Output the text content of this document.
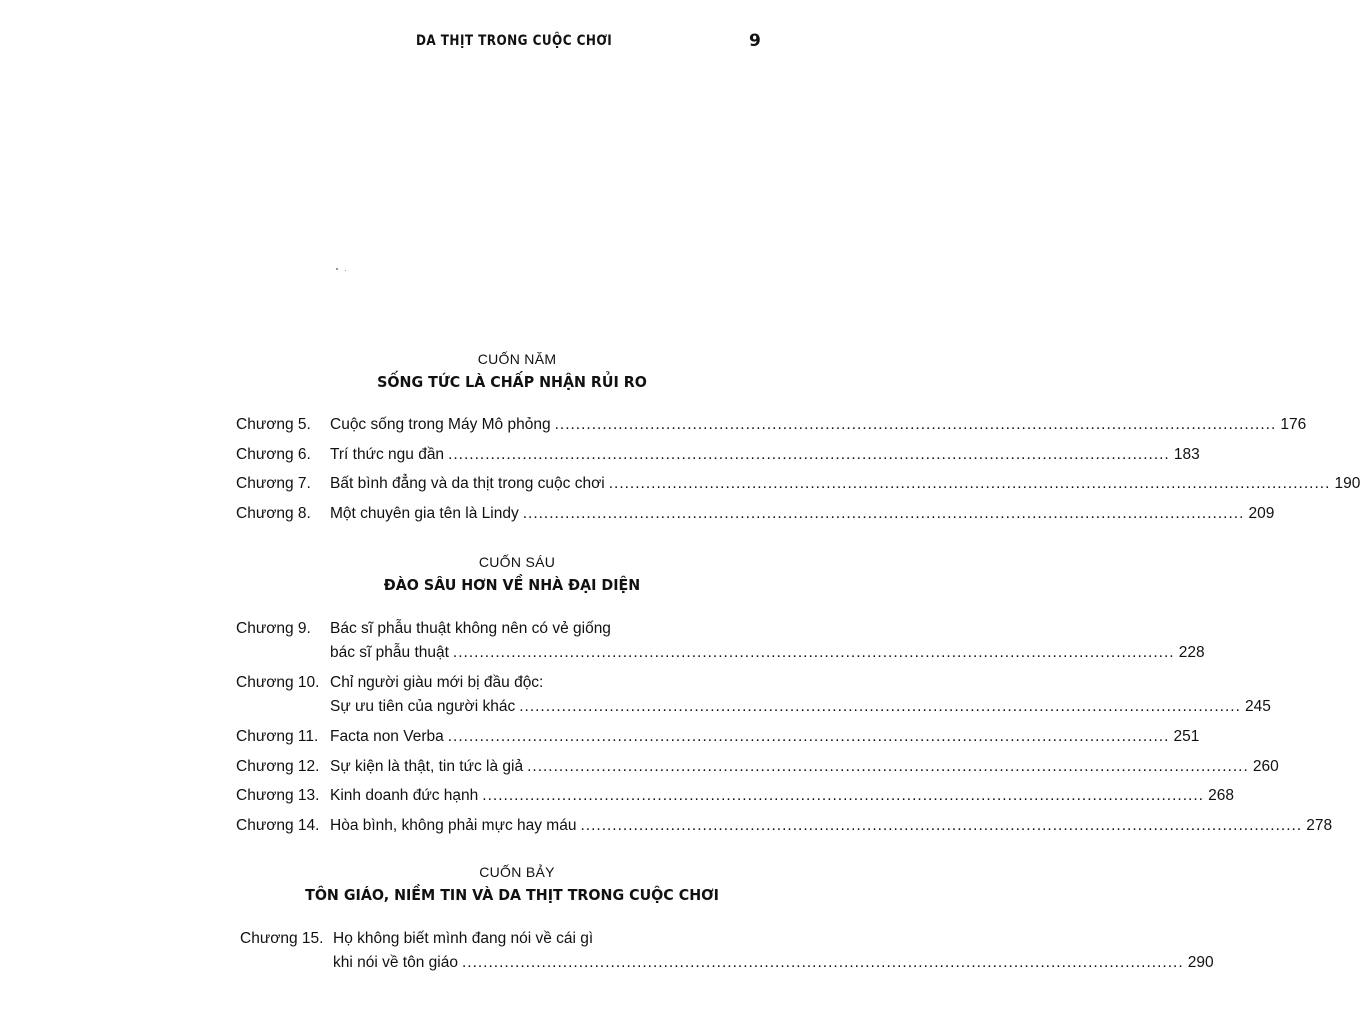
DA THỊT TRONG CUỘC CHƠI	9
CUỐN NĂM
SỐNG TỨC LÀ CHẤP NHẬN RỦI RO
Chương 5. Cuộc sống trong Máy Mô phỏng ........................................................................................................................................ 176
Chương 6. Trí thức ngu đần ........................................................................................................................................ 183
Chương 7. Bất bình đẳng và da thịt trong cuộc chơi ........................................................................................................................................ 190
Chương 8. Một chuyên gia tên là Lindy ........................................................................................................................................ 209
CUỐN SÁU
ĐÀO SÂU HƠN VỀ NHÀ ĐẠI DIỆN
Chương 9. Bác sĩ phẫu thuật không nên có vẻ giống
bác sĩ phẫu thuật ........................................................................................................................................ 228
Chương 10. Chỉ người giàu mới bị đầu độc:
Sự ưu tiên của người khác ........................................................................................................................................ 245
Chương 11. Facta non Verba ........................................................................................................................................ 251
Chương 12. Sự kiện là thật, tin tức là giả ........................................................................................................................................ 260
Chương 13. Kinh doanh đức hạnh ........................................................................................................................................ 268
Chương 14. Hòa bình, không phải mực hay máu ........................................................................................................................................ 278
CUỐN BẢY
TÔN GIÁO, NIỀM TIN VÀ DA THỊT TRONG CUỘC CHƠI
Chương 15. Họ không biết mình đang nói về cái gì
khi nói về tôn giáo ........................................................................................................................................ 290
